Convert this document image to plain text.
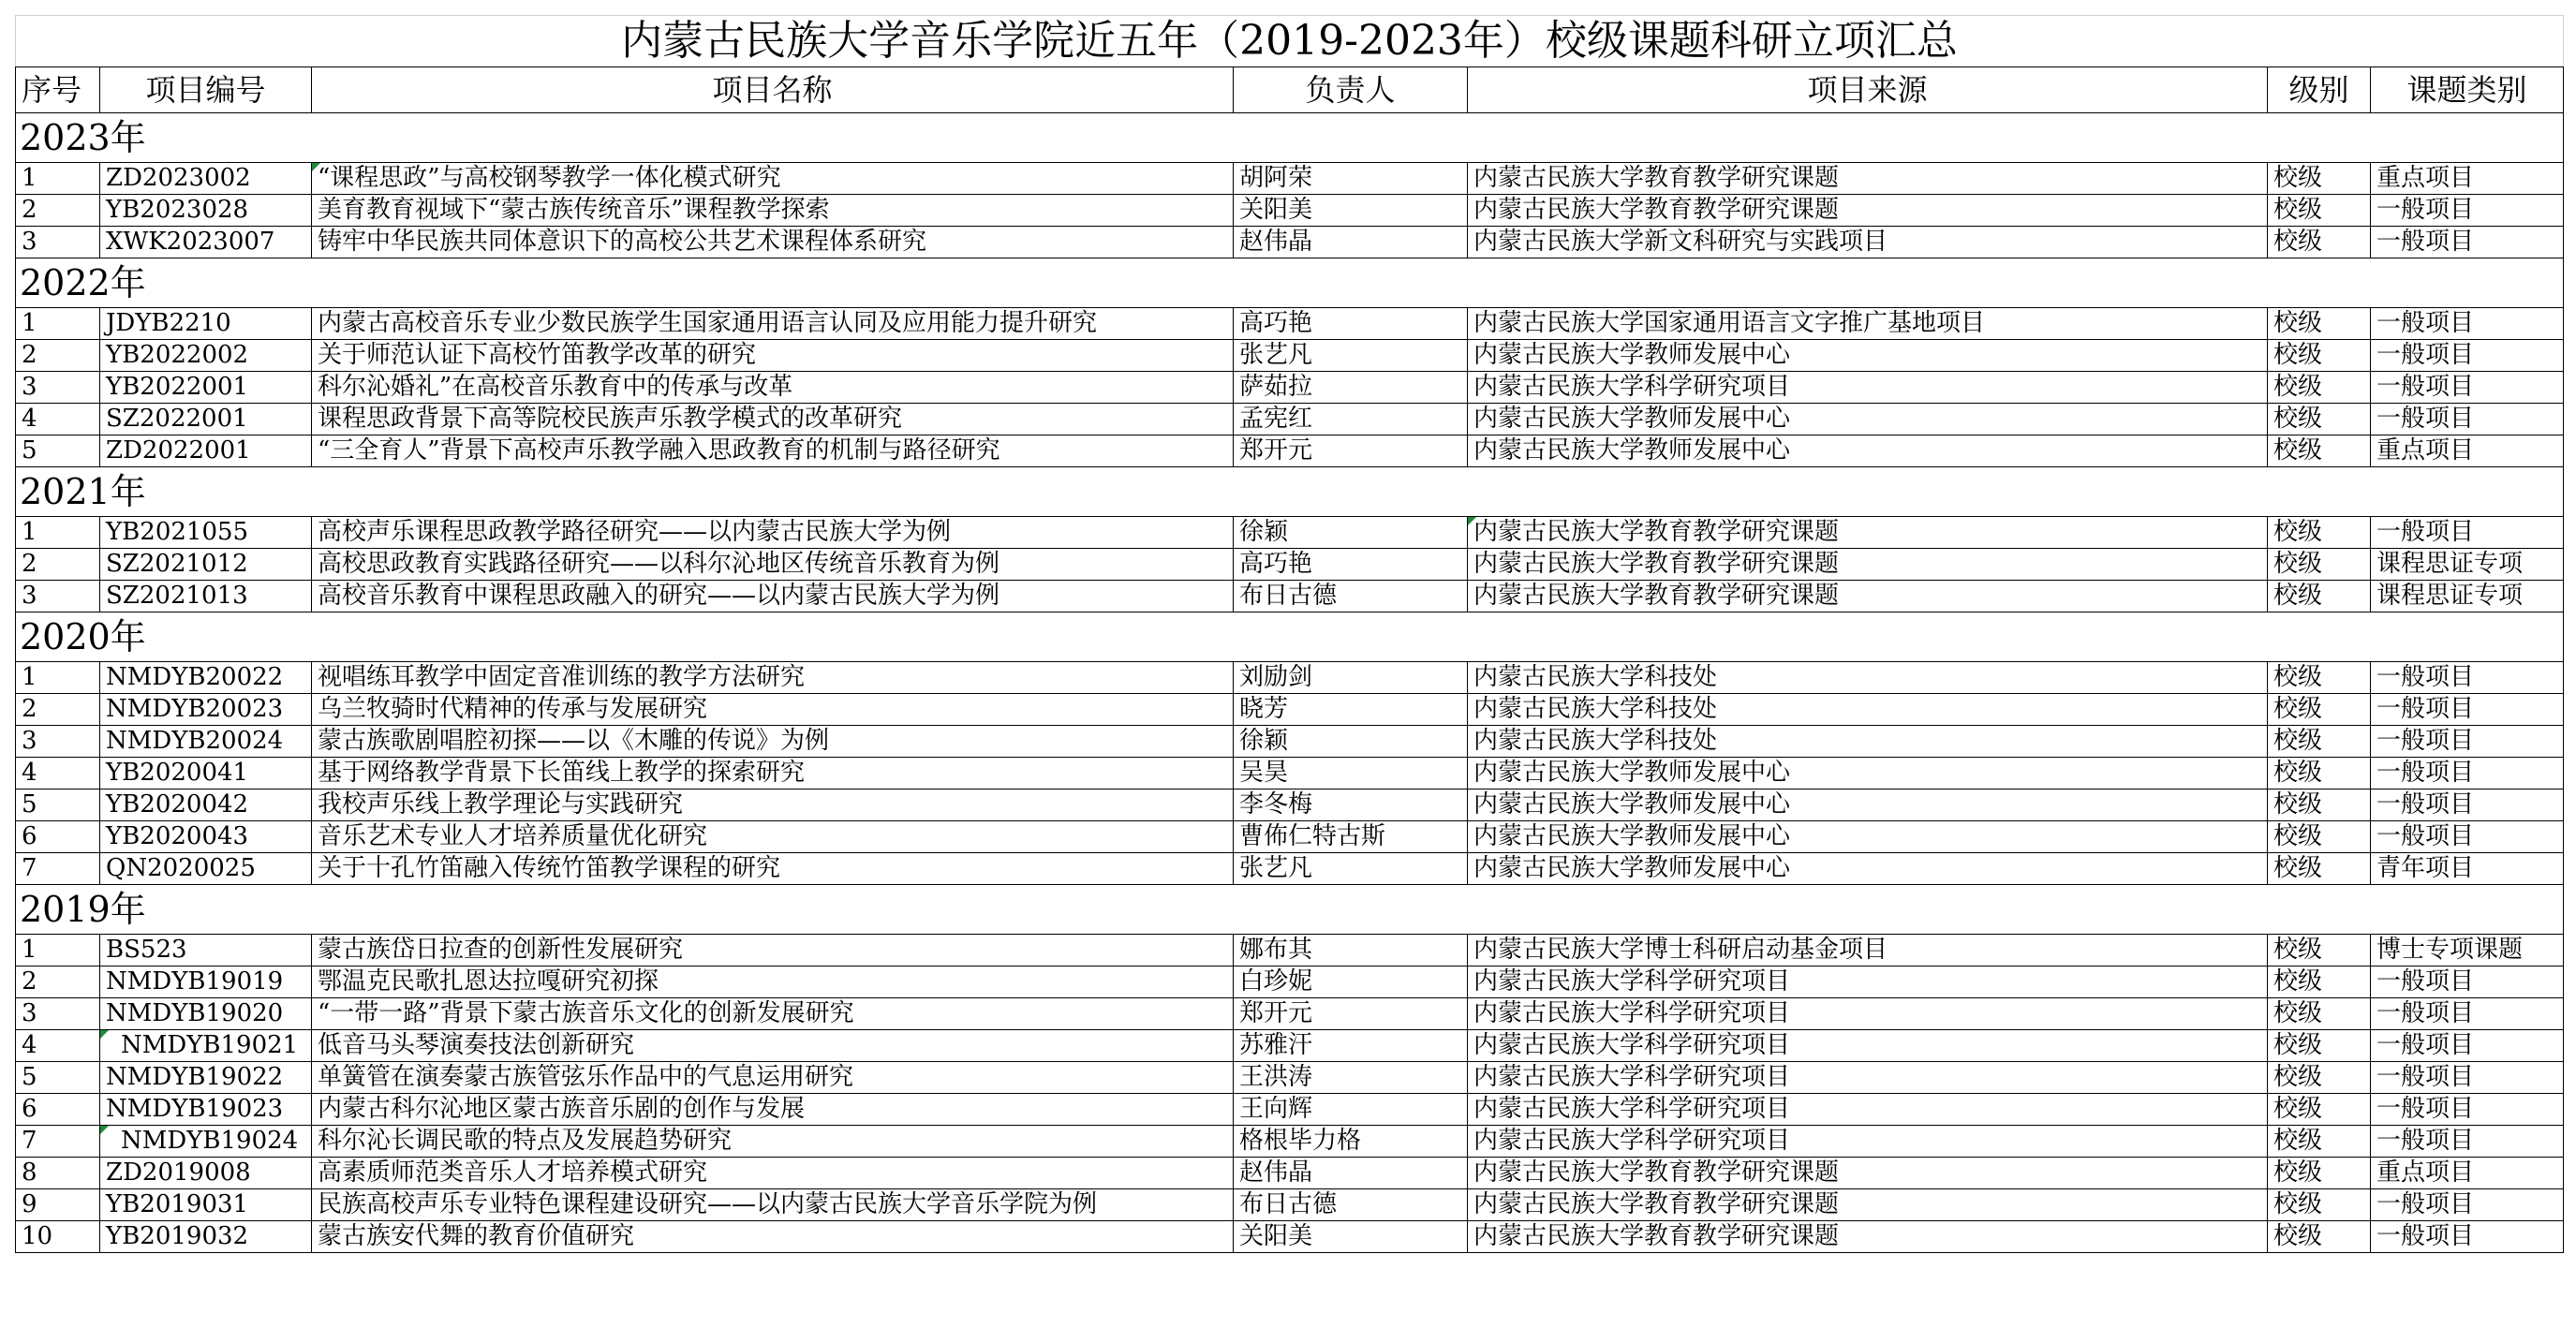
内蒙古民族大学音乐学院近五年（2019-2023年）校级课题科研立项汇总						
序号	项目编号	项目名称	负责人	项目来源	级别	课题类别
2023年						
1	ZD2023002	“课程思政”与高校钢琴教学一体化模式研究	胡阿荣	内蒙古民族大学教育教学研究课题	校级	重点项目
2	YB2023028	美育教育视域下“蒙古族传统音乐”课程教学探索	关阳美	内蒙古民族大学教育教学研究课题	校级	一般项目
3	XWK2023007	铸牢中华民族共同体意识下的高校公共艺术课程体系研究	赵伟晶	内蒙古民族大学新文科研究与实践项目	校级	一般项目
2022年						
1	JDYB2210	内蒙古高校音乐专业少数民族学生国家通用语言认同及应用能力提升研究	高巧艳	内蒙古民族大学国家通用语言文字推广基地项目	校级	一般项目
2	YB2022002	关于师范认证下高校竹笛教学改革的研究	张艺凡	内蒙古民族大学教师发展中心	校级	一般项目
3	YB2022001	科尔沁婚礼”在高校音乐教育中的传承与改革	萨茹拉	内蒙古民族大学科学研究项目	校级	一般项目
4	SZ2022001	课程思政背景下高等院校民族声乐教学模式的改革研究	孟宪红	内蒙古民族大学教师发展中心	校级	一般项目
5	ZD2022001	“三全育人”背景下高校声乐教学融入思政教育的机制与路径研究	郑开元	内蒙古民族大学教师发展中心	校级	重点项目
2021年						
1	YB2021055	高校声乐课程思政教学路径研究——以内蒙古民族大学为例	徐颖	内蒙古民族大学教育教学研究课题	校级	一般项目
2	SZ2021012	高校思政教育实践路径研究——以科尔沁地区传统音乐教育为例	高巧艳	内蒙古民族大学教育教学研究课题	校级	课程思证专项
3	SZ2021013	高校音乐教育中课程思政融入的研究——以内蒙古民族大学为例	布日古德	内蒙古民族大学教育教学研究课题	校级	课程思证专项
2020年						
1	NMDYB20022	视唱练耳教学中固定音准训练的教学方法研究	刘励剑	内蒙古民族大学科技处	校级	一般项目
2	NMDYB20023	乌兰牧骑时代精神的传承与发展研究	晓芳	内蒙古民族大学科技处	校级	一般项目
3	NMDYB20024	蒙古族歌剧唱腔初探——以《木雕的传说》为例	徐颖	内蒙古民族大学科技处	校级	一般项目
4	YB2020041	基于网络教学背景下长笛线上教学的探索研究	吴昊	内蒙古民族大学教师发展中心	校级	一般项目
5	YB2020042	我校声乐线上教学理论与实践研究	李冬梅	内蒙古民族大学教师发展中心	校级	一般项目
6	YB2020043	音乐艺术专业人才培养质量优化研究	曹佈仁特古斯	内蒙古民族大学教师发展中心	校级	一般项目
7	QN2020025	关于十孔竹笛融入传统竹笛教学课程的研究	张艺凡	内蒙古民族大学教师发展中心	校级	青年项目
2019年						
1	BS523	蒙古族岱日拉查的创新性发展研究	娜布其	内蒙古民族大学博士科研启动基金项目	校级	博士专项课题
2	NMDYB19019	鄂温克民歌扎恩达拉嘎研究初探	白珍妮	内蒙古民族大学科学研究项目	校级	一般项目
3	NMDYB19020	“一带一路”背景下蒙古族音乐文化的创新发展研究	郑开元	内蒙古民族大学科学研究项目	校级	一般项目
4	NMDYB19021	低音马头琴演奏技法创新研究	苏雅汗	内蒙古民族大学科学研究项目	校级	一般项目
5	NMDYB19022	单簧管在演奏蒙古族管弦乐作品中的气息运用研究	王洪涛	内蒙古民族大学科学研究项目	校级	一般项目
6	NMDYB19023	内蒙古科尔沁地区蒙古族音乐剧的创作与发展	王向辉	内蒙古民族大学科学研究项目	校级	一般项目
7	NMDYB19024	科尔沁长调民歌的特点及发展趋势研究	格根毕力格	内蒙古民族大学科学研究项目	校级	一般项目
8	ZD2019008	高素质师范类音乐人才培养模式研究	赵伟晶	内蒙古民族大学教育教学研究课题	校级	重点项目
9	YB2019031	民族高校声乐专业特色课程建设研究——以内蒙古民族大学音乐学院为例	布日古德	内蒙古民族大学教育教学研究课题	校级	一般项目
10	YB2019032	蒙古族安代舞的教育价值研究	关阳美	内蒙古民族大学教育教学研究课题	校级	一般项目
